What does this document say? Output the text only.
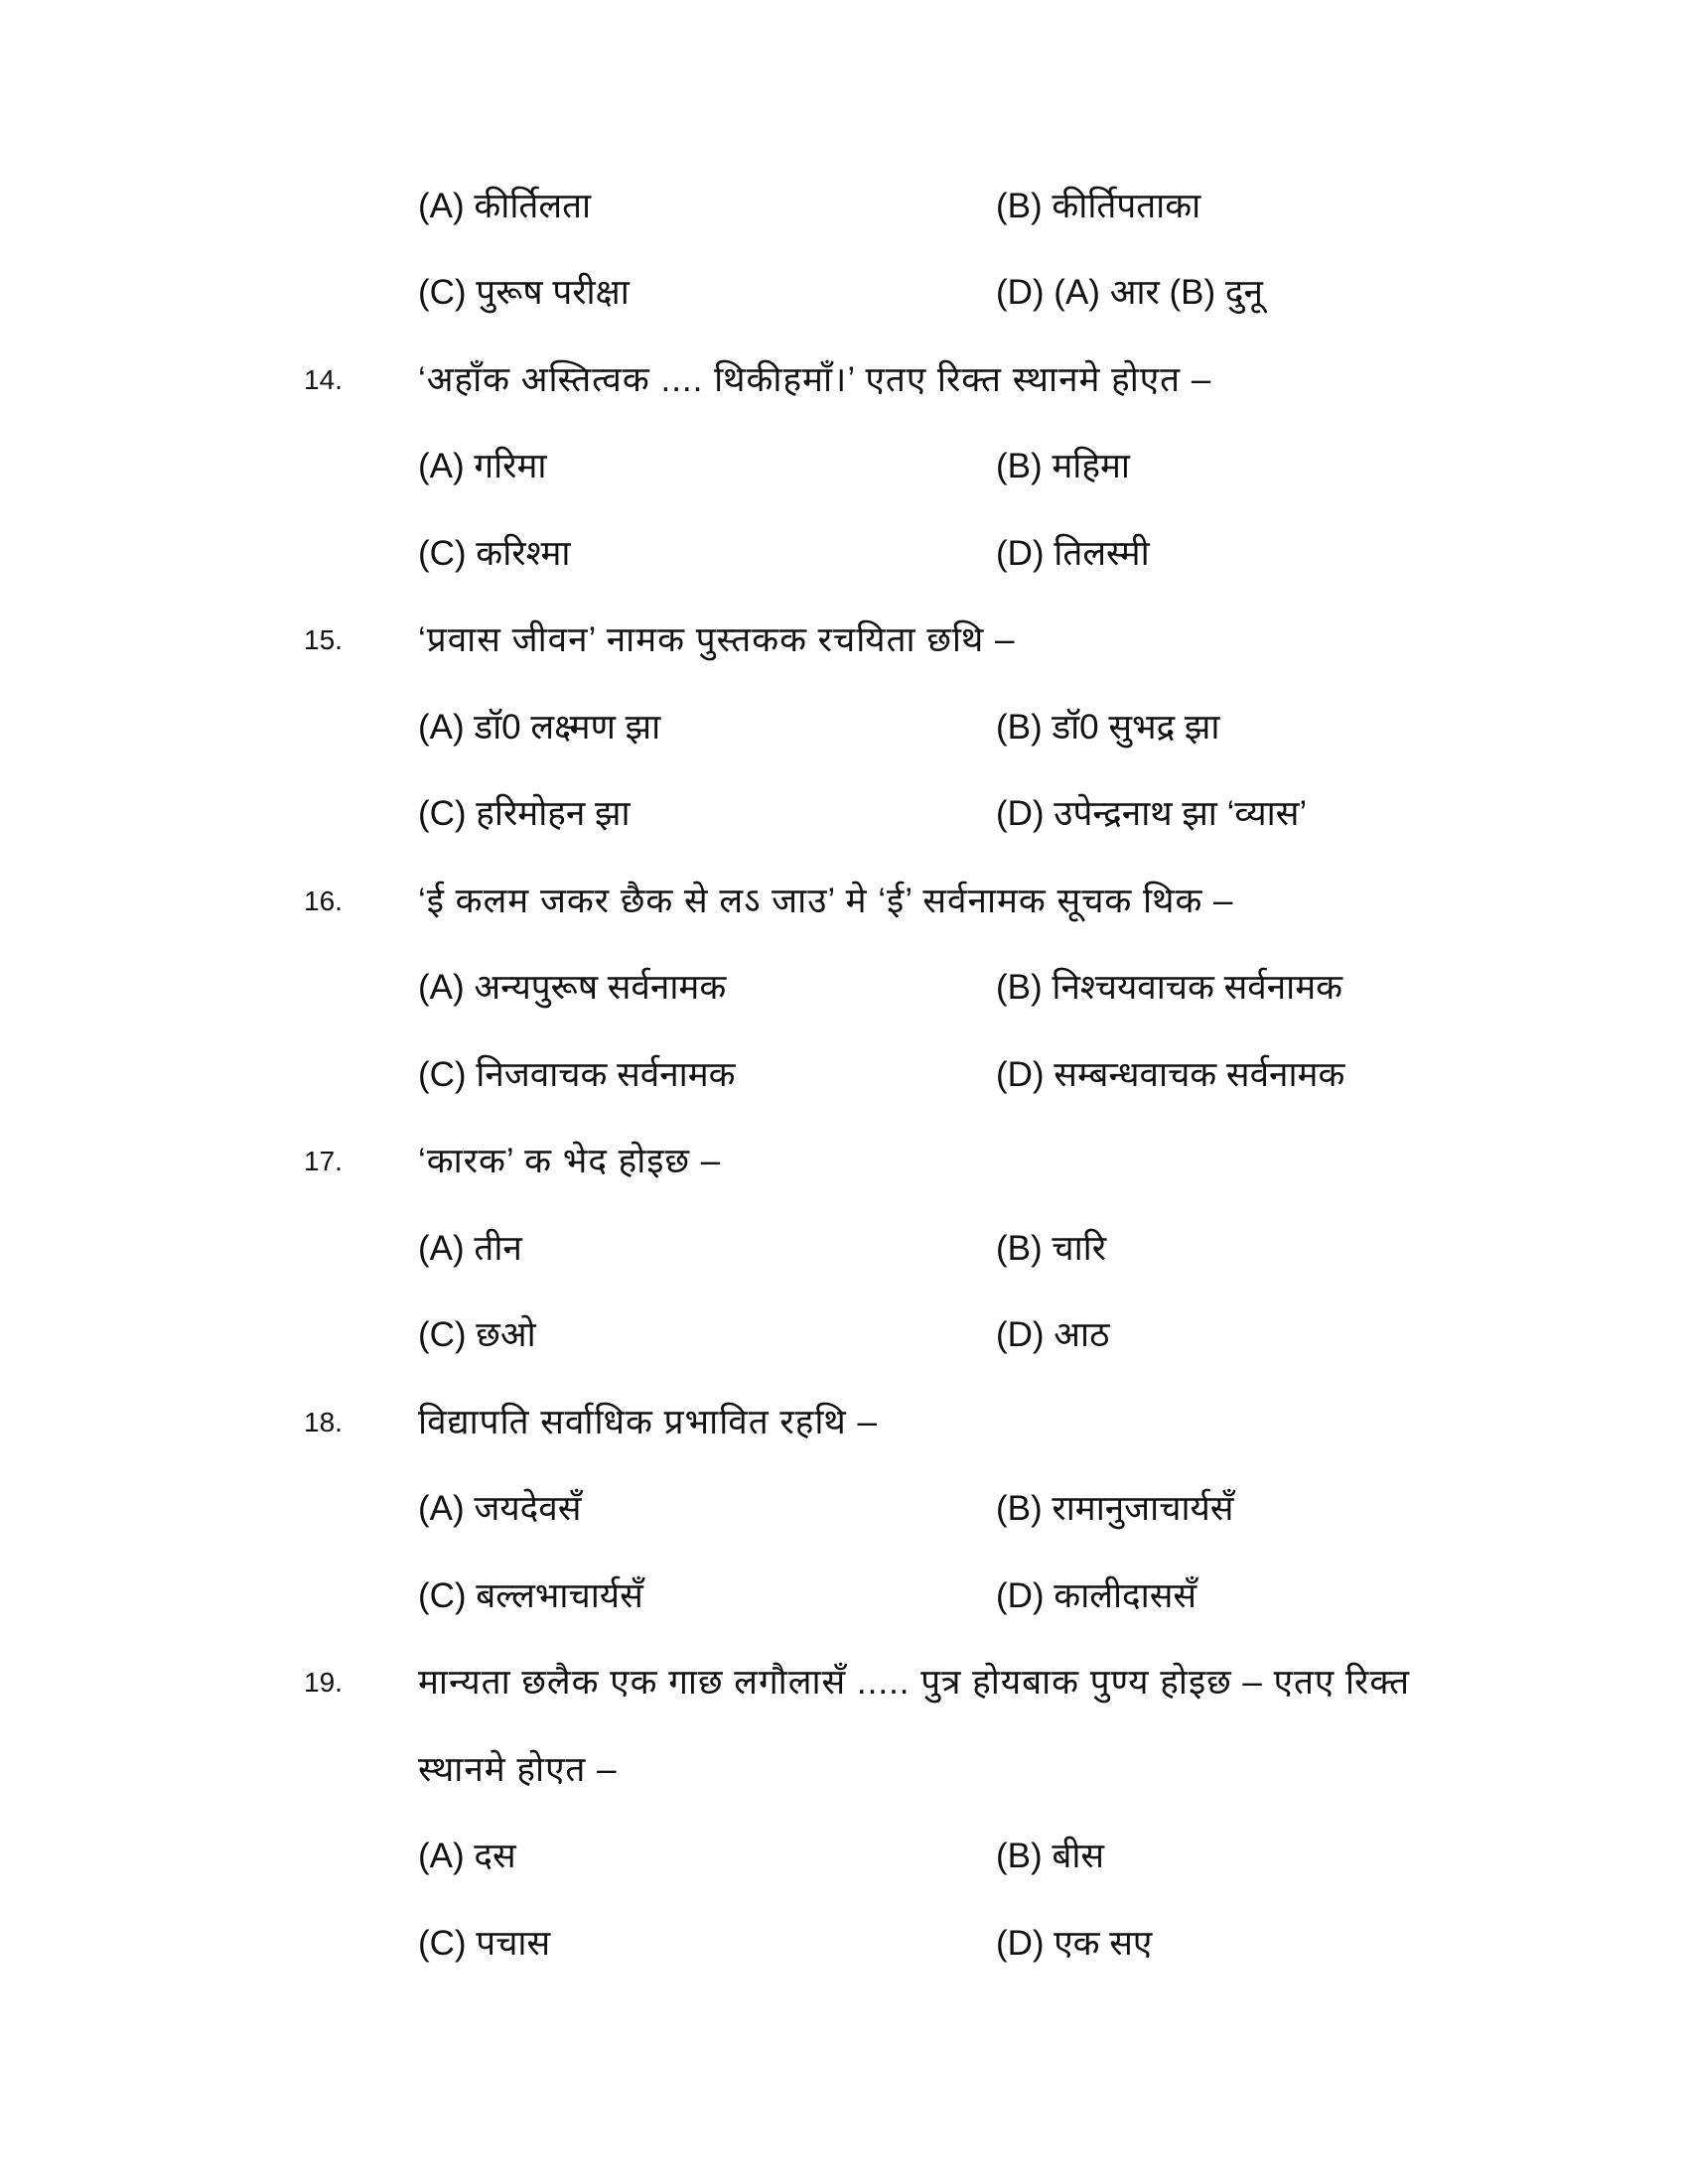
(A) कीर्तिलता	(B) कीर्तिपताका
(C) पुरूष परीक्षा	(D) (A) आर (B) दुनू
14. ‘अहाँक अस्तित्वक .... थिकीहमाँ।’ एतए रिक्त स्थानमे होएत –
(A) गरिमा	(B) महिमा
(C) करिश्मा	(D) तिलस्मी
15. ‘प्रवास जीवन’ नामक पुस्तकक रचयिता छथि –
(A) डॉ0 लक्ष्मण झा	(B) डॉ0 सुभद्र झा
(C) हरिमोहन झा	(D) उपेन्द्रनाथ झा ‘व्यास’
16. ‘ई कलम जकर छैक से लऽ जाउ’ मे ‘ई’ सर्वनामक सूचक थिक –
(A) अन्यपुरूष सर्वनामक	(B) निश्चयवाचक सर्वनामक
(C) निजवाचक सर्वनामक	(D) सम्बन्धवाचक सर्वनामक
17. ‘कारक’ क भेद होइछ –
(A) तीन	(B) चारि
(C) छओ	(D) आठ
18. विद्यापति सर्वाधिक प्रभावित रहथि –
(A) जयदेवसँ	(B) रामानुजाचार्यसँ
(C) बल्लभाचार्यसँ	(D) कालीदाससँ
19. मान्यता छलैक एक गाछ लगौलासँ ..... पुत्र होयबाक पुण्य होइछ – एतए रिक्त
स्थानमे होएत –
(A) दस	(B) बीस
(C) पचास	(D) एक सए
